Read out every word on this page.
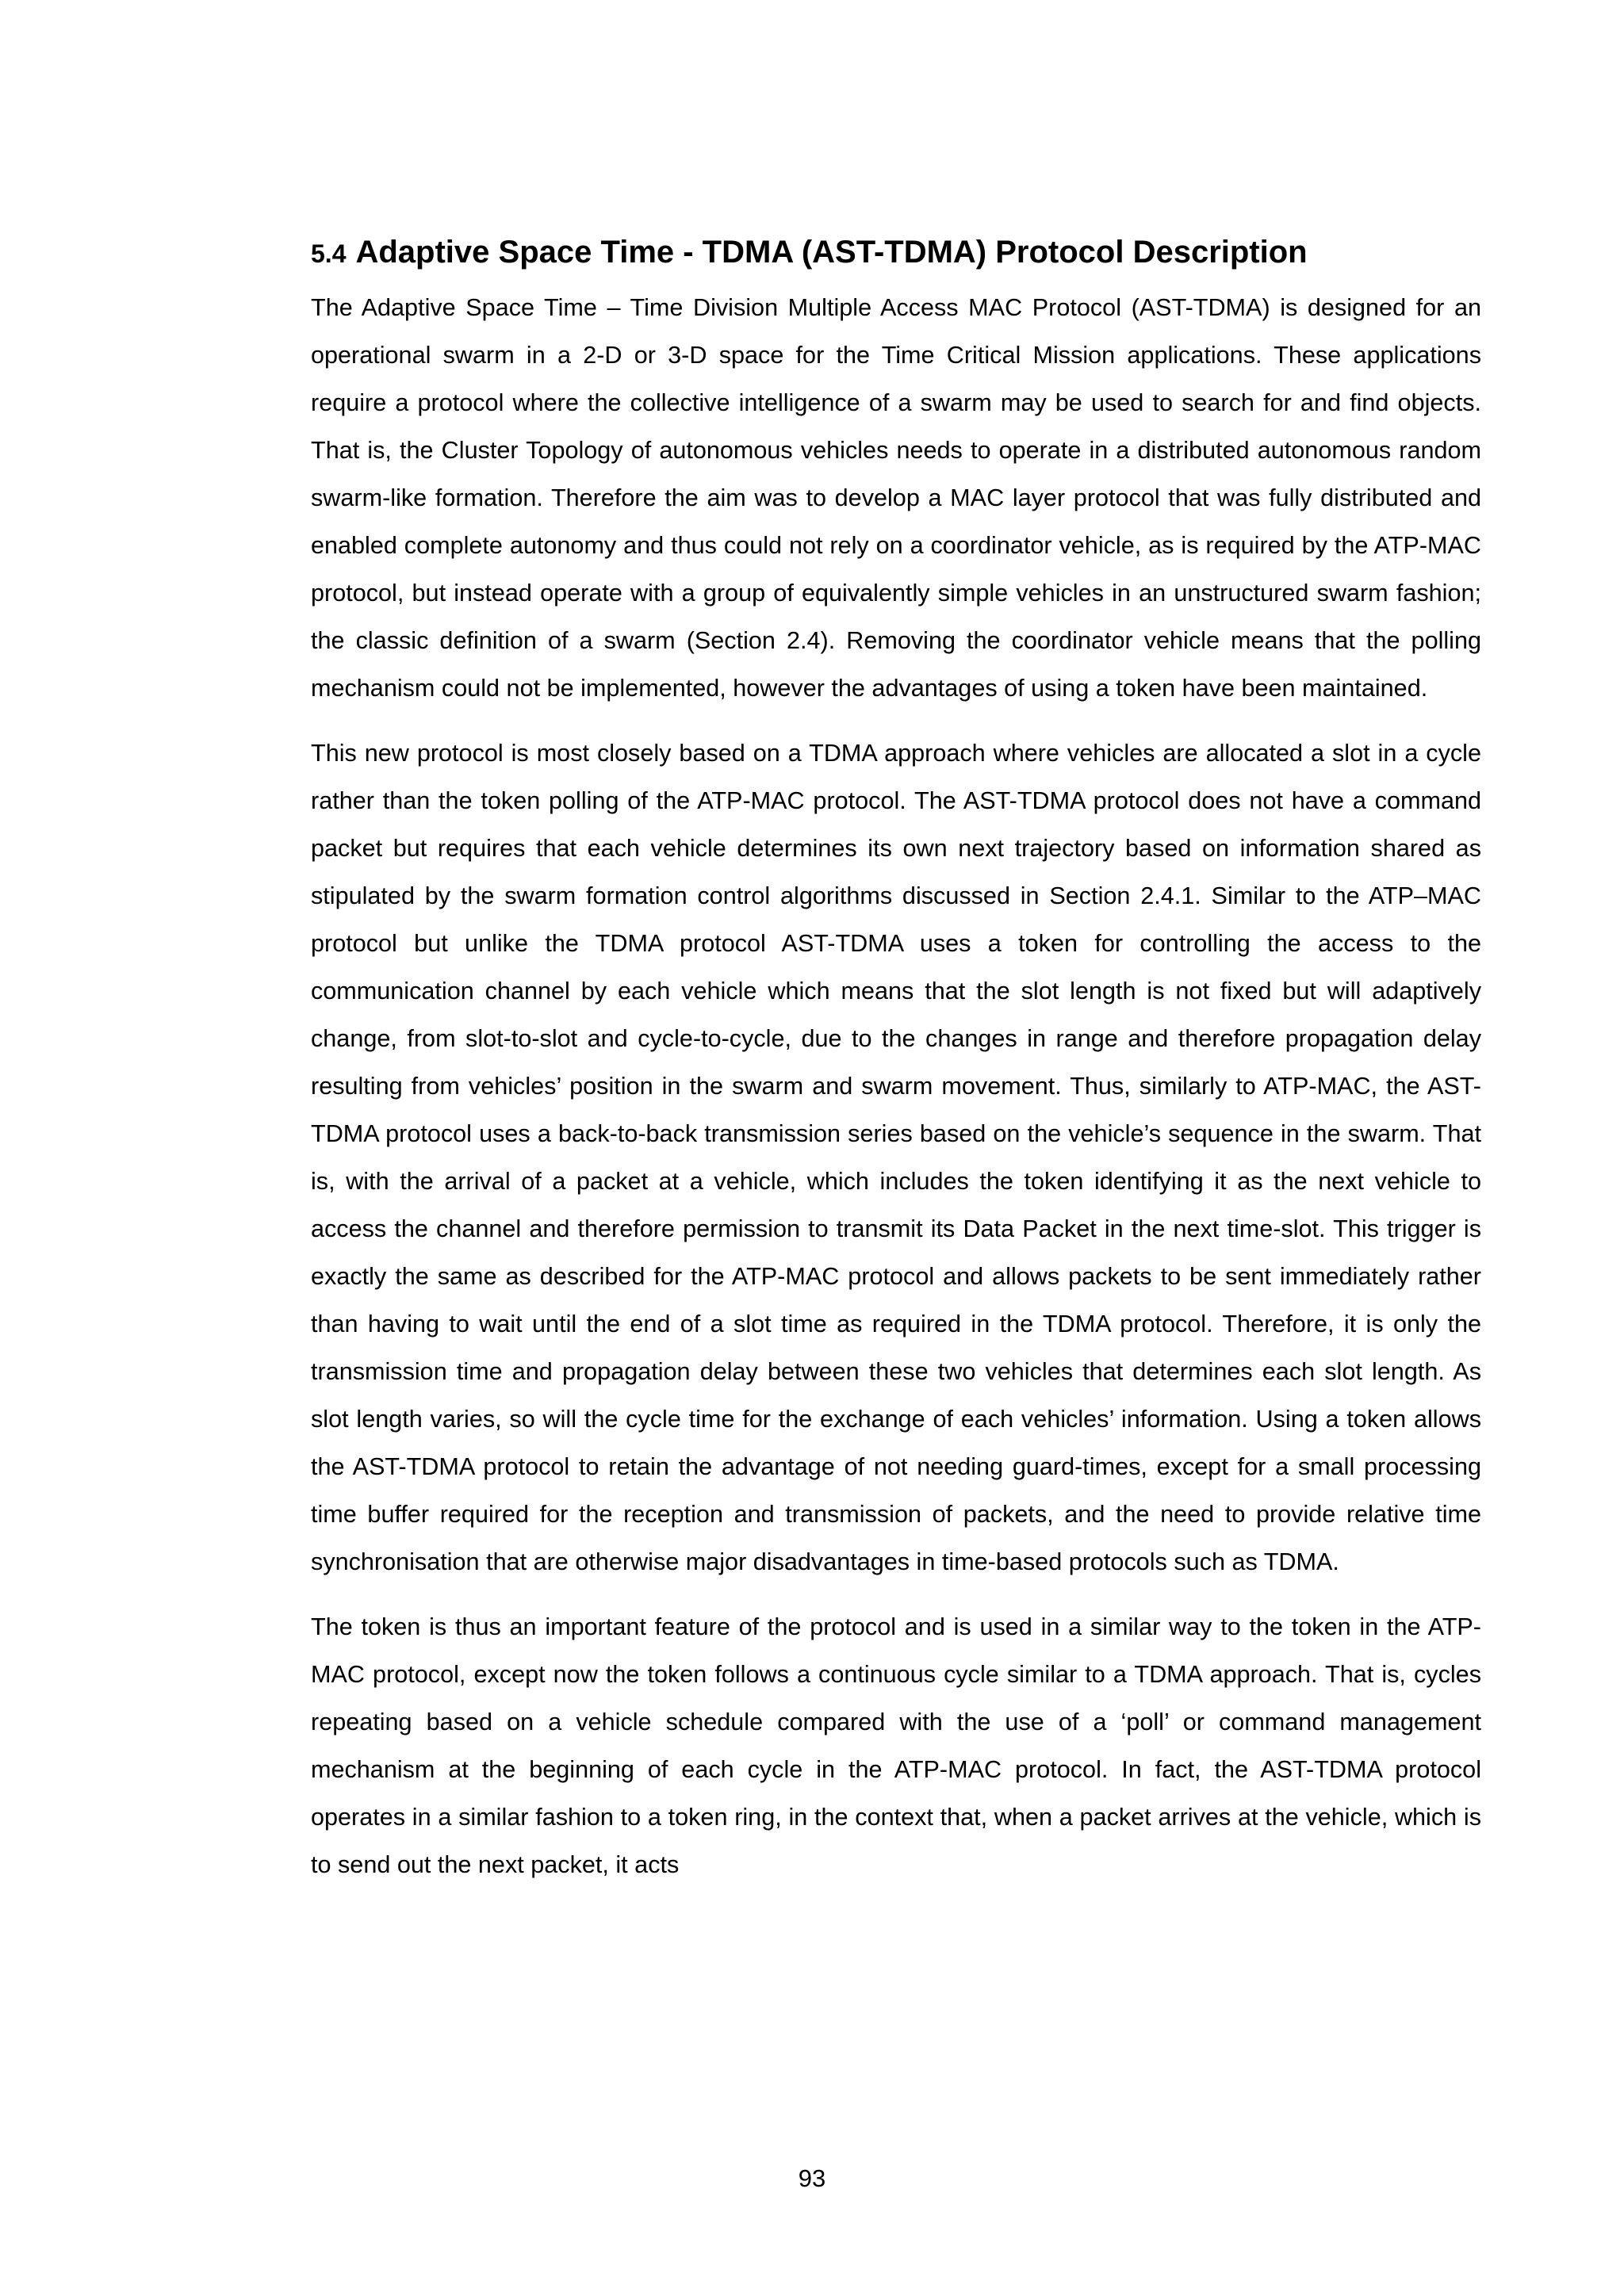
5.4 Adaptive Space Time - TDMA (AST-TDMA) Protocol Description

The Adaptive Space Time – Time Division Multiple Access MAC Protocol (AST-TDMA) is designed for an operational swarm in a 2-D or 3-D space for the Time Critical Mission applications. These applications require a protocol where the collective intelligence of a swarm may be used to search for and find objects. That is, the Cluster Topology of autonomous vehicles needs to operate in a distributed autonomous random swarm-like formation. Therefore the aim was to develop a MAC layer protocol that was fully distributed and enabled complete autonomy and thus could not rely on a coordinator vehicle, as is required by the ATP-MAC protocol, but instead operate with a group of equivalently simple vehicles in an unstructured swarm fashion; the classic definition of a swarm (Section 2.4). Removing the coordinator vehicle means that the polling mechanism could not be implemented, however the advantages of using a token have been maintained.

This new protocol is most closely based on a TDMA approach where vehicles are allocated a slot in a cycle rather than the token polling of the ATP-MAC protocol. The AST-TDMA protocol does not have a command packet but requires that each vehicle determines its own next trajectory based on information shared as stipulated by the swarm formation control algorithms discussed in Section 2.4.1. Similar to the ATP–MAC protocol but unlike the TDMA protocol AST-TDMA uses a token for controlling the access to the communication channel by each vehicle which means that the slot length is not fixed but will adaptively change, from slot-to-slot and cycle-to-cycle, due to the changes in range and therefore propagation delay resulting from vehicles’ position in the swarm and swarm movement. Thus, similarly to ATP-MAC, the AST-TDMA protocol uses a back-to-back transmission series based on the vehicle’s sequence in the swarm. That is, with the arrival of a packet at a vehicle, which includes the token identifying it as the next vehicle to access the channel and therefore permission to transmit its Data Packet in the next time-slot. This trigger is exactly the same as described for the ATP-MAC protocol and allows packets to be sent immediately rather than having to wait until the end of a slot time as required in the TDMA protocol. Therefore, it is only the transmission time and propagation delay between these two vehicles that determines each slot length. As slot length varies, so will the cycle time for the exchange of each vehicles’ information. Using a token allows the AST-TDMA protocol to retain the advantage of not needing guard-times, except for a small processing time buffer required for the reception and transmission of packets, and the need to provide relative time synchronisation that are otherwise major disadvantages in time-based protocols such as TDMA.

The token is thus an important feature of the protocol and is used in a similar way to the token in the ATP-MAC protocol, except now the token follows a continuous cycle similar to a TDMA approach. That is, cycles repeating based on a vehicle schedule compared with the use of a ‘poll’ or command management mechanism at the beginning of each cycle in the ATP-MAC protocol. In fact, the AST-TDMA protocol operates in a similar fashion to a token ring, in the context that, when a packet arrives at the vehicle, which is to send out the next packet, it acts

93
